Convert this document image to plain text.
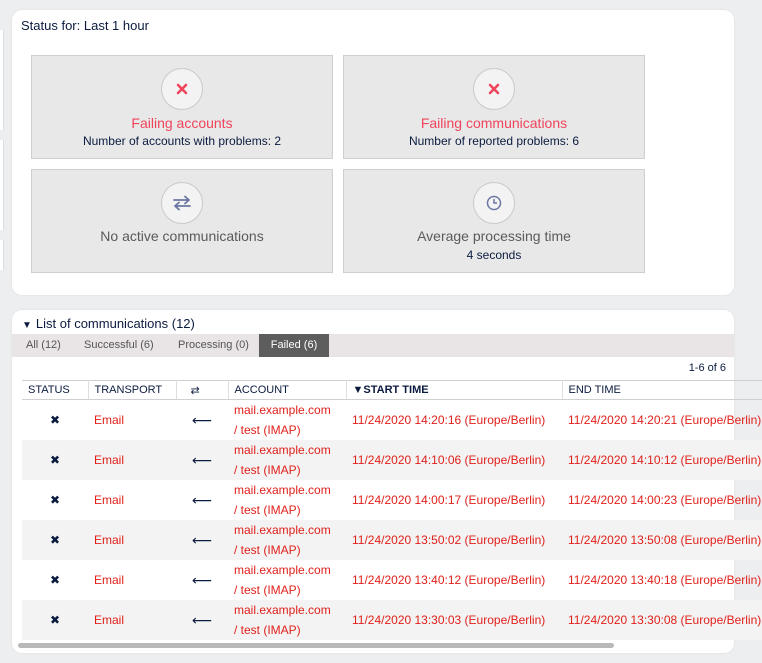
Status for: Last 1 hour
Failing accounts
Number of accounts with problems: 2
Failing communications
Number of reported problems: 6
No active communications	Average processing time
4 seconds
▼ List of communications (12)
All (12) Successful (6) Processing (0)	Failed (6)
1-6 of 6
STATUS	TRANSPORT	⇄	ACCOUNT	▼START TIME	END TIME
✖	Email	⟵	mail.example.com
/ test (IMAP)	11/24/2020 14:20:16 (Europe/Berlin)	11/24/2020 14:20:21 (Europe/Berlin)
✖	Email	⟵	mail.example.com
/ test (IMAP)	11/24/2020 14:10:06 (Europe/Berlin)	11/24/2020 14:10:12 (Europe/Berlin)
✖	Email	⟵	mail.example.com
/ test (IMAP)	11/24/2020 14:00:17 (Europe/Berlin)	11/24/2020 14:00:23 (Europe/Berlin)
✖	Email	⟵	mail.example.com
/ test (IMAP)	11/24/2020 13:50:02 (Europe/Berlin)	11/24/2020 13:50:08 (Europe/Berlin)
✖	Email	⟵	mail.example.com
/ test (IMAP)	11/24/2020 13:40:12 (Europe/Berlin)	11/24/2020 13:40:18 (Europe/Berlin)
✖	Email	⟵	mail.example.com
/ test (IMAP)	11/24/2020 13:30:03 (Europe/Berlin)	11/24/2020 13:30:08 (Europe/Berlin)
